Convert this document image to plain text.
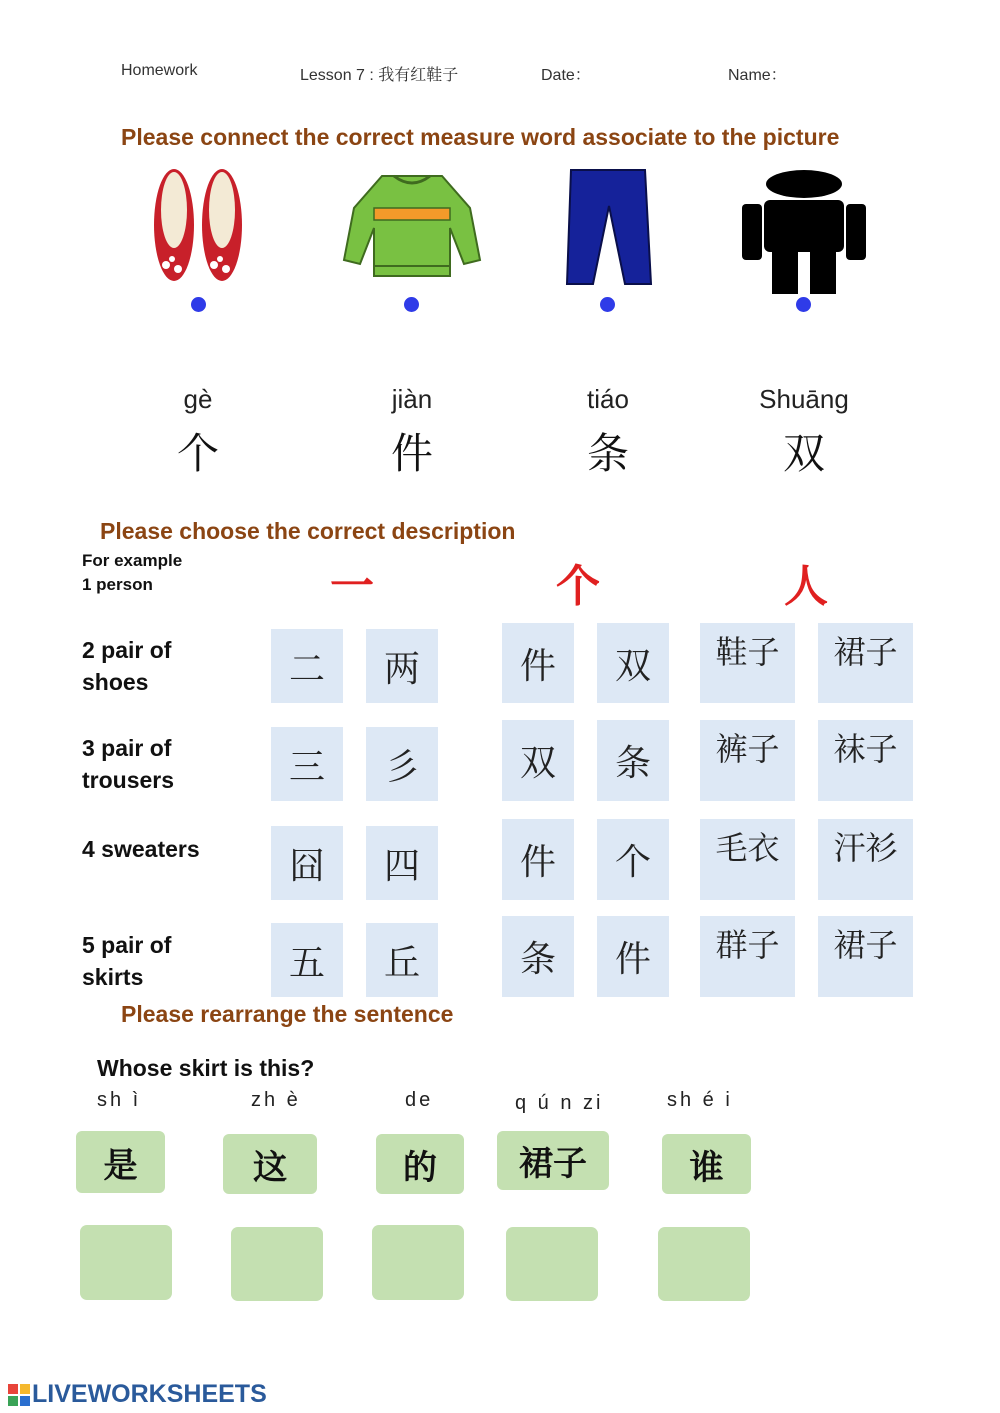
Homework	Lesson 7 : 我有红鞋子	Date：	Name：
Please connect the correct measure word associate to the picture
gè
个
jiàn
件
tiáo
条
Shuāng
双
Please choose the correct description
For example
1 person	一	个	人
2 pair of
shoes	二	两	件	双	鞋子	裙子
3 pair of
trousers	三	彡	双	条	裤子	袜子
4 sweaters	囧	四	件	个	毛衣	汗衫
5 pair of
skirts	五	丘	条	件	群子	裙子
Please rearrange the sentence
Whose skirt is this?
sh ì	zh è	de	q ú n zi	sh é i
是	这	的	裙子	谁
LIVEWORKSHEETS
